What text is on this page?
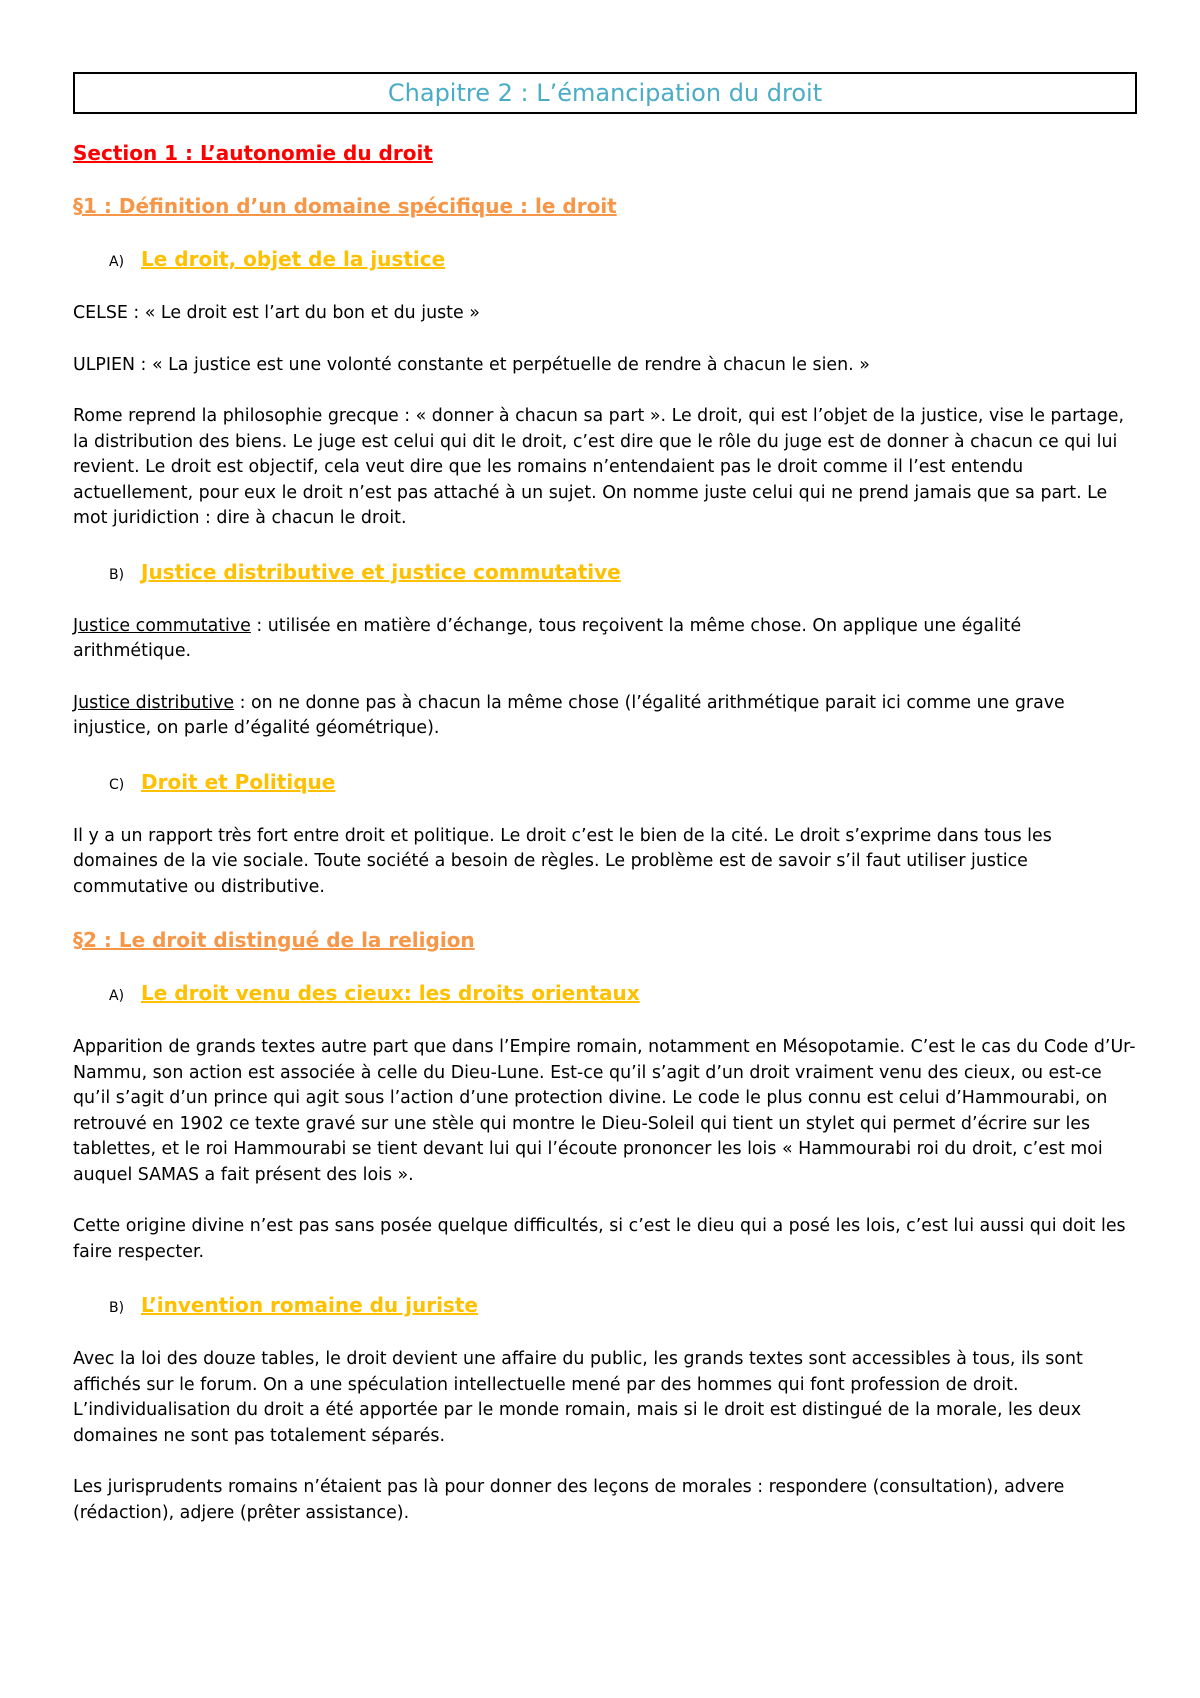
Chapitre 2 : L’émancipation du droit
Section 1 : L’autonomie du droit
§1 : Définition d’un domaine spécifique : le droit
A) Le droit, objet de la justice

CELSE : « Le droit est l’art du bon et du juste »

ULPIEN : « La justice est une volonté constante et perpétuelle de rendre à chacun le sien. »

Rome reprend la philosophie grecque : « donner à chacun sa part ». Le droit, qui est l’objet de la justice, vise le partage, la distribution des biens. Le juge est celui qui dit le droit, c’est dire que le rôle du juge est de donner à chacun ce qui lui revient. Le droit est objectif, cela veut dire que les romains n’entendaient pas le droit comme il l’est entendu actuellement, pour eux le droit n’est pas attaché à un sujet. On nomme juste celui qui ne prend jamais que sa part. Le mot juridiction : dire à chacun le droit.

B) Justice distributive et justice commutative

Justice commutative : utilisée en matière d’échange, tous reçoivent la même chose. On applique une égalité arithmétique.

Justice distributive : on ne donne pas à chacun la même chose (l’égalité arithmétique parait ici comme une grave injustice, on parle d’égalité géométrique).

C) Droit et Politique

Il y a un rapport très fort entre droit et politique. Le droit c’est le bien de la cité. Le droit s’exprime dans tous les domaines de la vie sociale. Toute société a besoin de règles. Le problème est de savoir s’il faut utiliser justice commutative ou distributive.

§2 : Le droit distingué de la religion
A) Le droit venu des cieux: les droits orientaux

Apparition de grands textes autre part que dans l’Empire romain, notamment en Mésopotamie. C’est le cas du Code d’Ur-Nammu, son action est associée à celle du Dieu-Lune. Est-ce qu’il s’agit d’un droit vraiment venu des cieux, ou est-ce qu’il s’agit d’un prince qui agit sous l’action d’une protection divine. Le code le plus connu est celui d’Hammourabi, on retrouvé en 1902 ce texte gravé sur une stèle qui montre le Dieu-Soleil qui tient un stylet qui permet d’écrire sur les tablettes, et le roi Hammourabi se tient devant lui qui l’écoute prononcer les lois « Hammourabi roi du droit, c’est moi auquel SAMAS a fait présent des lois ».

Cette origine divine n’est pas sans posée quelque difficultés, si c’est le dieu qui a posé les lois, c’est lui aussi qui doit les faire respecter.

B) L’invention romaine du juriste

Avec la loi des douze tables, le droit devient une affaire du public, les grands textes sont accessibles à tous, ils sont affichés sur le forum. On a une spéculation intellectuelle mené par des hommes qui font profession de droit. L’individualisation du droit a été apportée par le monde romain, mais si le droit est distingué de la morale, les deux domaines ne sont pas totalement séparés.

Les jurisprudents romains n’étaient pas là pour donner des leçons de morales : respondere (consultation), advere (rédaction), adjere (prêter assistance).
